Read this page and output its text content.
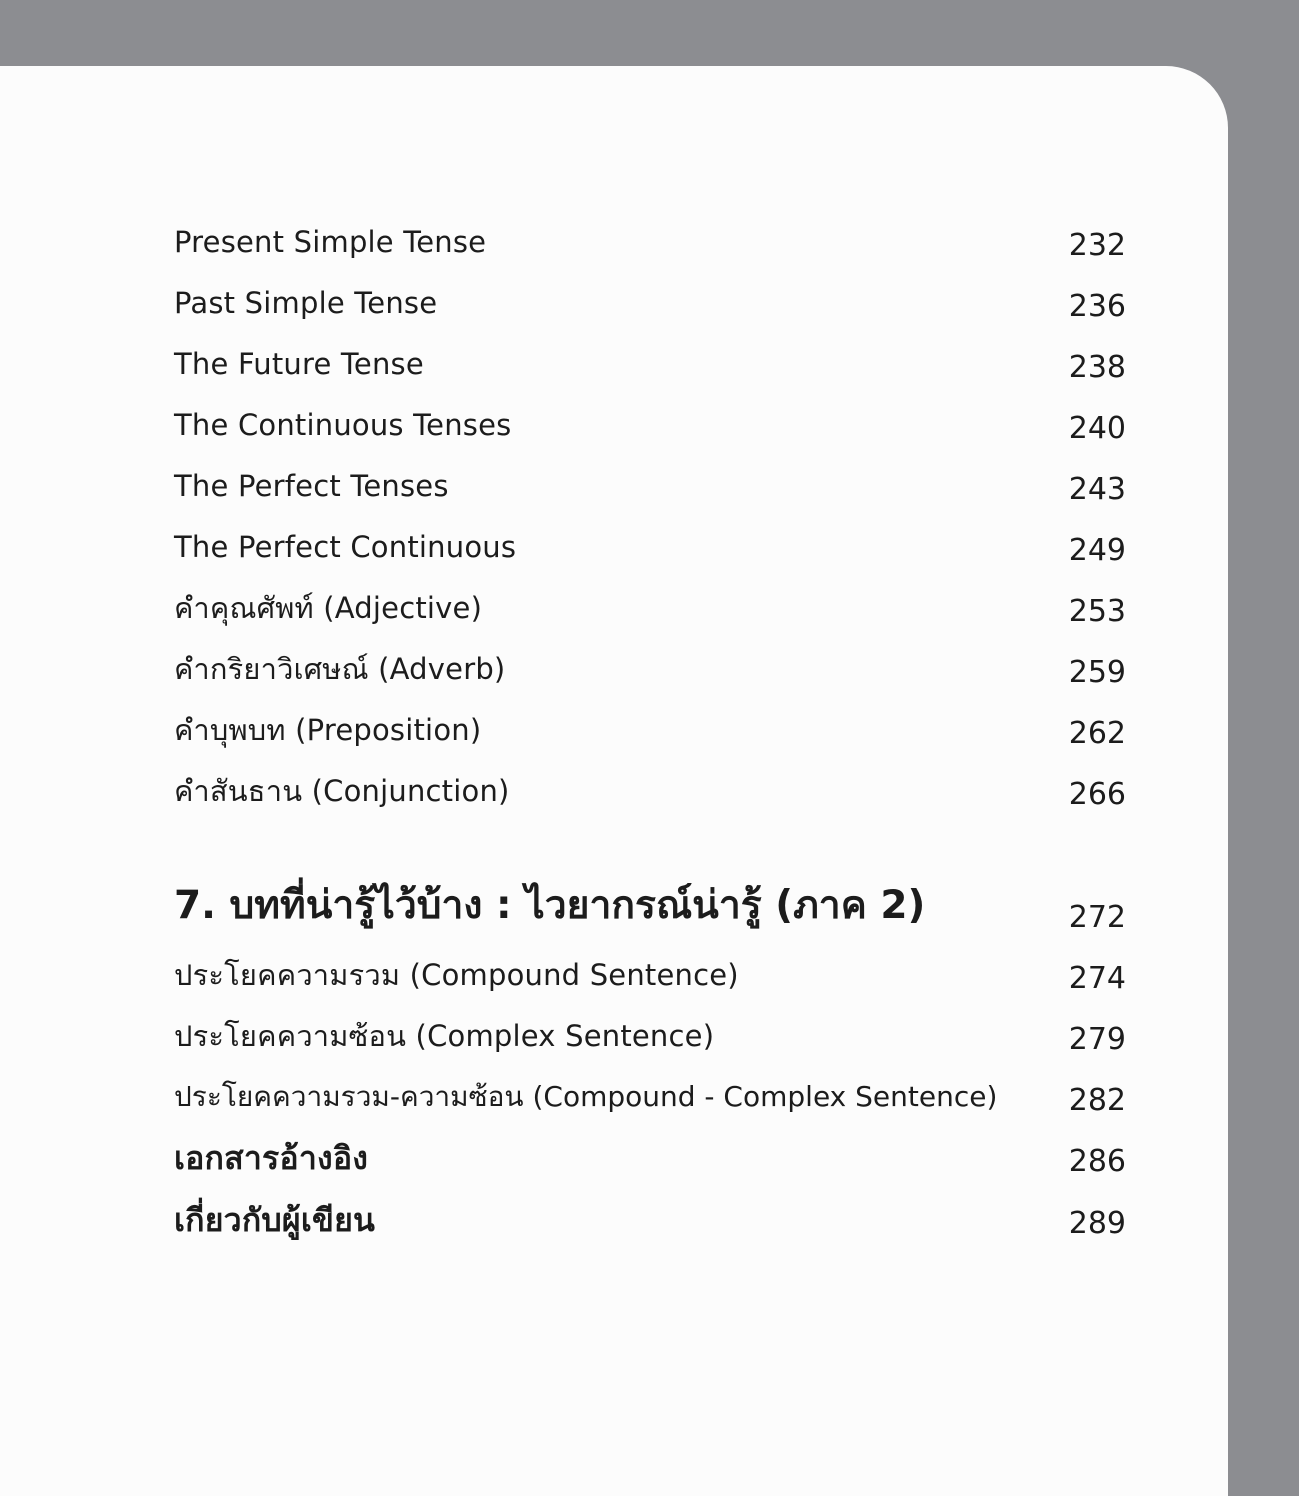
Present Simple Tense	232
Past Simple Tense	236
The Future Tense	238
The Continuous Tenses	240
The Perfect Tenses	243
The Perfect Continuous	249
คำคุณศัพท์ (Adjective)	253
คำกริยาวิเศษณ์ (Adverb)	259
คำบุพบท (Preposition)	262
คำสันธาน (Conjunction)	266
7. บทที่น่ารู้ไว้บ้าง : ไวยากรณ์น่ารู้ (ภาค 2)	272
ประโยคความรวม (Compound Sentence)	274
ประโยคความซ้อน (Complex Sentence)	279
ประโยคความรวม-ความซ้อน (Compound - Complex Sentence) 282
เอกสารอ้างอิง	286
เกี่ยวกับผู้เขียน	289
